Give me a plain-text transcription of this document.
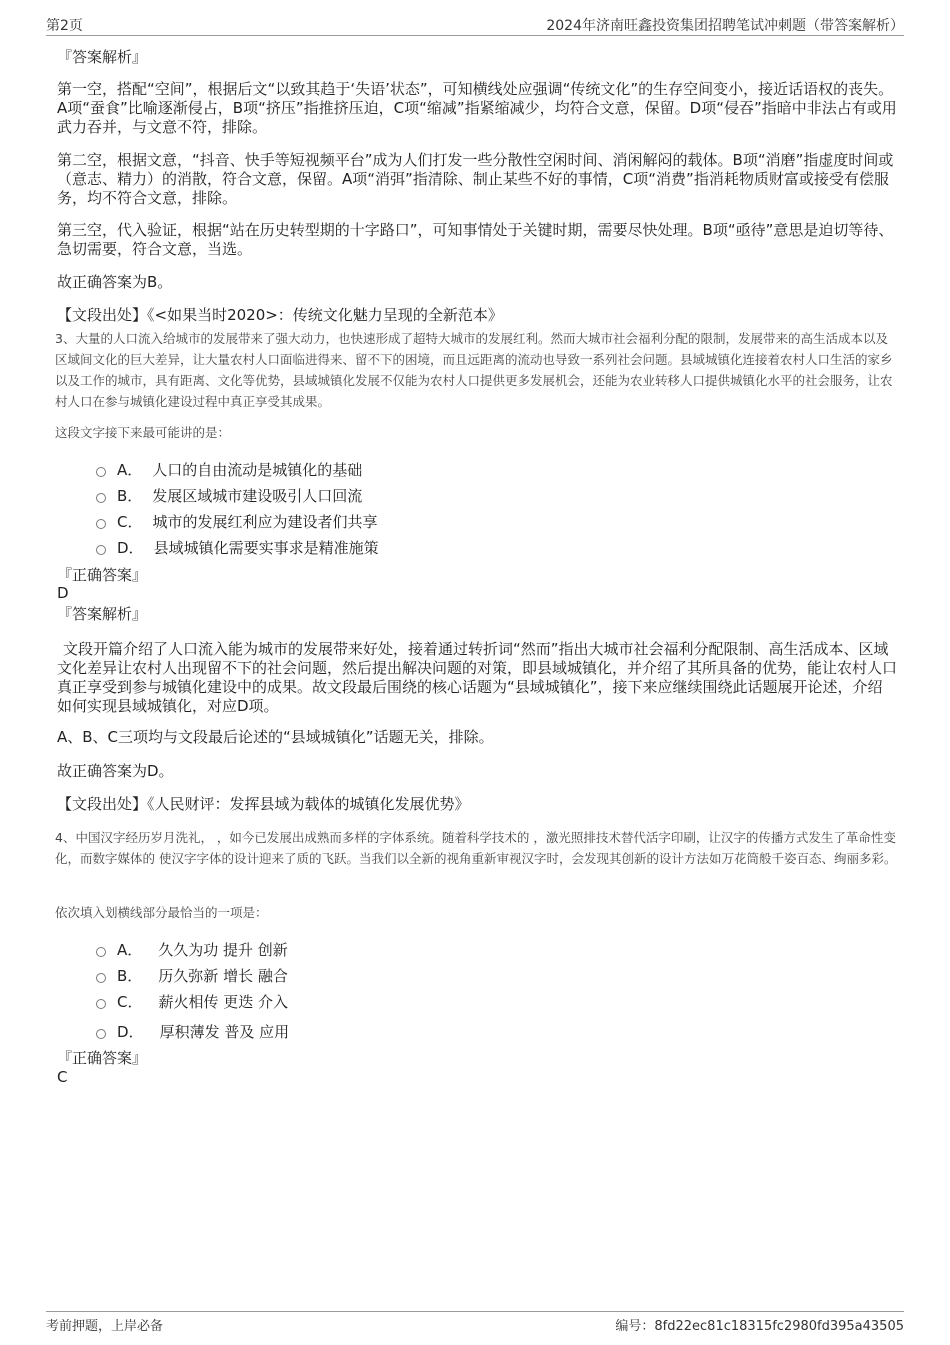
第2页	2024年济南旺鑫投资集团招聘笔试冲刺题（带答案解析）
『答案解析』
第一空，搭配“空间”，根据后文“以致其趋于‘失语’状态”，可知横线处应强调“传统文化”的生存空间变小，接近话语权的丧失。A项“蚕食”比喻逐渐侵占，B项“挤压”指推挤压迫，C项“缩减”指紧缩减少，均符合文意，保留。D项“侵吞”指暗中非法占有或用武力吞并，与文意不符，排除。
第二空，根据文意，“抖音、快手等短视频平台”成为人们打发一些分散性空闲时间、消闲解闷的载体。B项“消磨”指虚度时间或（意志、精力）的消散，符合文意，保留。A项“消弭”指清除、制止某些不好的事情，C项“消费”指消耗物质财富或接受有偿服务，均不符合文意，排除。
第三空，代入验证，根据“站在历史转型期的十字路口”，可知事情处于关键时期，需要尽快处理。B项“亟待”意思是迫切等待、急切需要，符合文意，当选。
故正确答案为B。
【文段出处】《<如果当时2020>：传统文化魅力呈现的全新范本》
3、大量的人口流入给城市的发展带来了强大动力，也快速形成了超特大城市的发展红利。然而大城市社会福利分配的限制，发展带来的高生活成本以及区域间文化的巨大差异，让大量农村人口面临进得来、留不下的困境，而且远距离的流动也导致一系列社会问题。县域城镇化连接着农村人口生活的家乡以及工作的城市，具有距离、文化等优势，县域城镇化发展不仅能为农村人口提供更多发展机会，还能为农业转移人口提供城镇化水平的社会服务，让农村人口在参与城镇化建设过程中真正享受其成果。
这段文字接下来最可能讲的是：
A． 人口的自由流动是城镇化的基础
B． 发展区域城市建设吸引人口回流
C． 城市的发展红利应为建设者们共享
D． 县域城镇化需要实事求是精准施策
『正确答案』
D
『答案解析』
文段开篇介绍了人口流入能为城市的发展带来好处，接着通过转折词“然而”指出大城市社会福利分配限制、高生活成本、区域文化差异让农村人出现留不下的社会问题，然后提出解决问题的对策，即县域城镇化，并介绍了其所具备的优势，能让农村人口真正享受到参与城镇化建设中的成果。故文段最后围绕的核心话题为“县域城镇化”，接下来应继续围绕此话题展开论述，介绍如何实现县域城镇化，对应D项。
A、B、C三项均与文段最后论述的“县域城镇化”话题无关，排除。
故正确答案为D。
【文段出处】《人民财评：发挥县域为载体的城镇化发展优势》
4、中国汉字经历岁月洗礼， ，如今已发展出成熟而多样的字体系统。随着科学技术的 ，激光照排技术替代活字印刷，让汉字的传播方式发生了革命性变化，而数字媒体的 使汉字字体的设计迎来了质的飞跃。当我们以全新的视角重新审视汉字时，会发现其创新的设计方法如万花筒般千姿百态、绚丽多彩。
依次填入划横线部分最恰当的一项是：
A． 久久为功 提升 创新
B． 历久弥新 增长 融合
C． 薪火相传 更迭 介入
D． 厚积薄发 普及 应用
『正确答案』
C
考前押题，上岸必备	编号：8fd22ec81c18315fc2980fd395a43505
